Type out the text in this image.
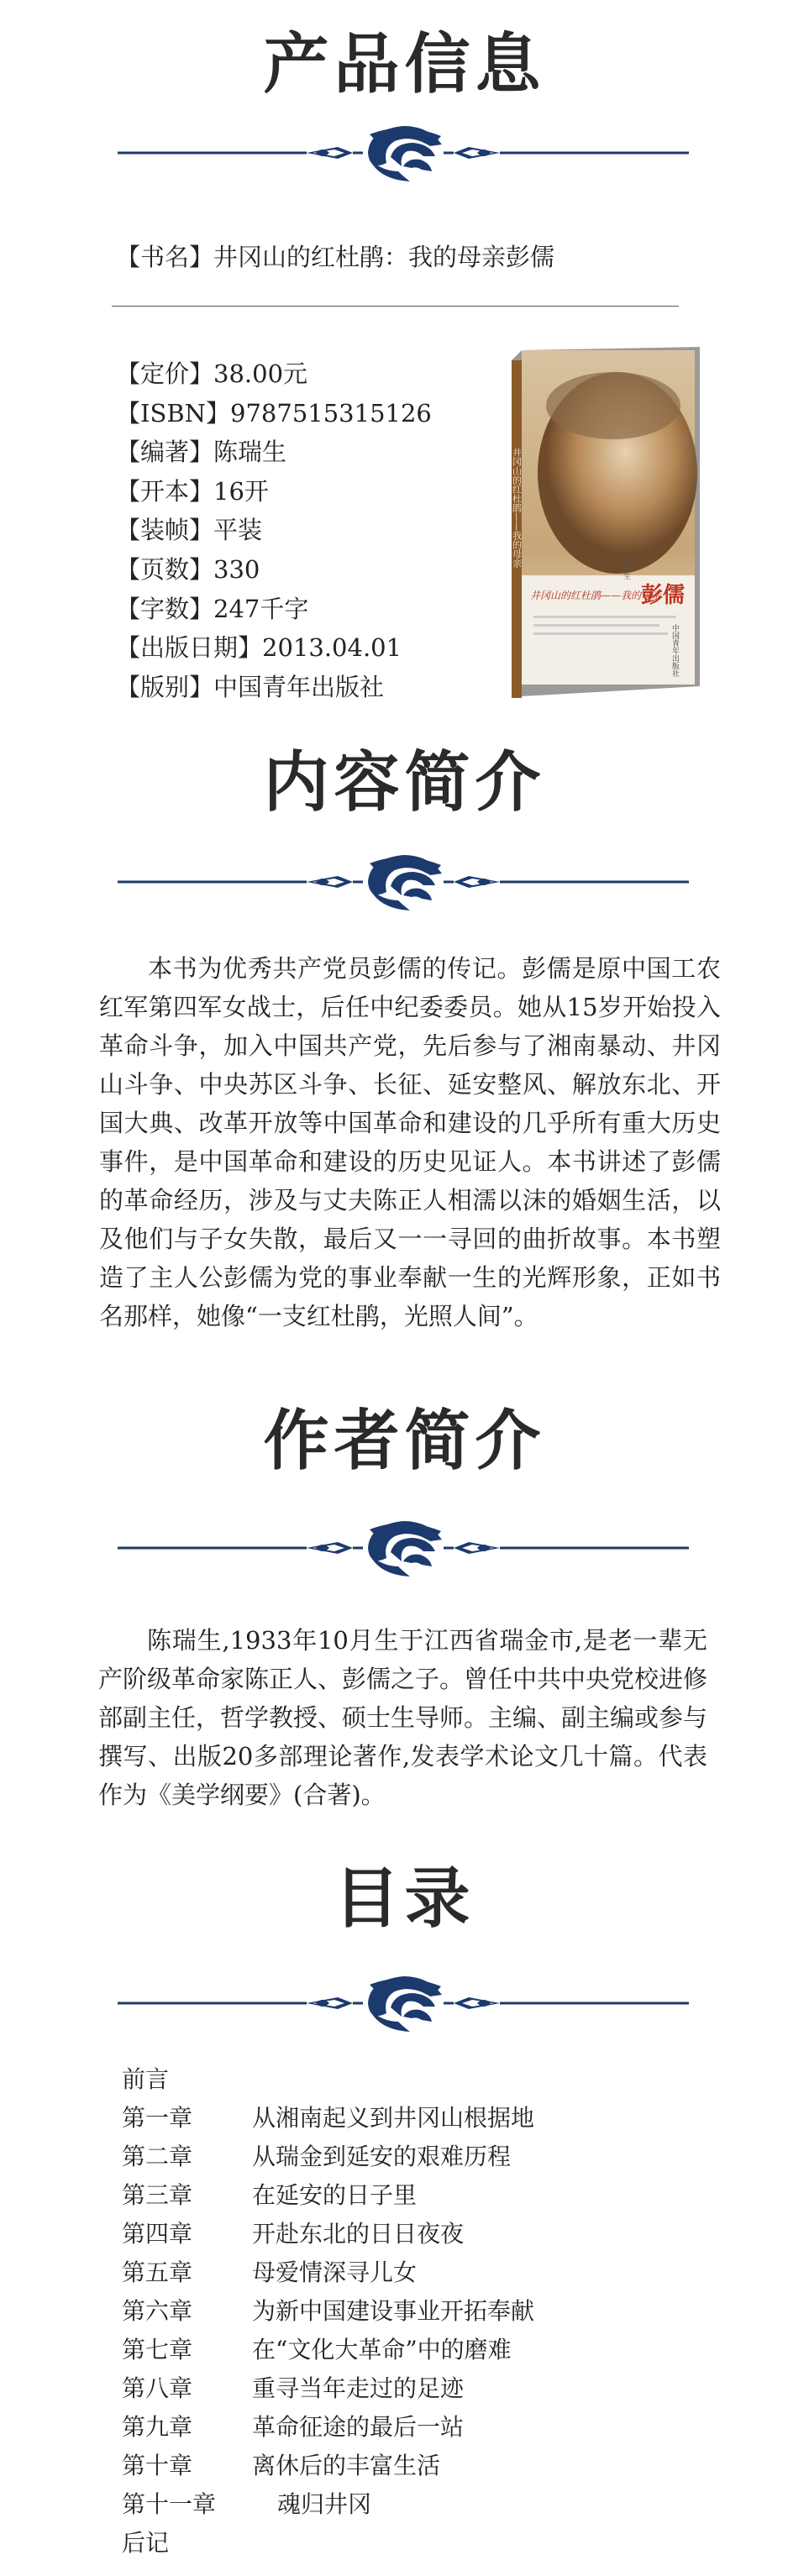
产品信息
【书名】井冈山的红杜鹃：我的母亲彭儒
【定价】38.00元
【ISBN】9787515315126
【编著】陈瑞生
【开本】16开
【装帧】平装
【页数】330
【字数】247千字
【出版日期】2013.04.01
【版别】中国青年出版社
井冈山的红杜鹃——我的母亲
井冈山的红杜鹃——我的母亲
彭儒
陈瑞生
中国青年出版社
内容简介
本书为优秀共产党员彭儒的传记。彭儒是原中国工农红军第四军女战士，后任中纪委委员。她从15岁开始投入革命斗争，加入中国共产党，先后参与了湘南暴动、井冈山斗争、中央苏区斗争、长征、延安整风、解放东北、开国大典、改革开放等中国革命和建设的几乎所有重大历史事件，是中国革命和建设的历史见证人。本书讲述了彭儒的革命经历，涉及与丈夫陈正人相濡以沫的婚姻生活，以及他们与子女失散，最后又一一寻回的曲折故事。本书塑造了主人公彭儒为党的事业奉献一生的光辉形象，正如书名那样，她像“一支红杜鹃，光照人间”。
作者简介
陈瑞生,1933年10月生于江西省瑞金市,是老一辈无产阶级革命家陈正人、彭儒之子。曾任中共中央党校进修部副主任，哲学教授、硕士生导师。主编、副主编或参与撰写、出版20多部理论著作,发表学术论文几十篇。代表作为《美学纲要》(合著)。
目录
前言
第一章	从湘南起义到井冈山根据地
第二章	从瑞金到延安的艰难历程
第三章	在延安的日子里
第四章	开赴东北的日日夜夜
第五章	母爱情深寻儿女
第六章	为新中国建设事业开拓奉献
第七章	在“文化大革命”中的磨难
第八章	重寻当年走过的足迹
第九章	革命征途的最后一站
第十章	离休后的丰富生活
第十一章	魂归井冈
后记
